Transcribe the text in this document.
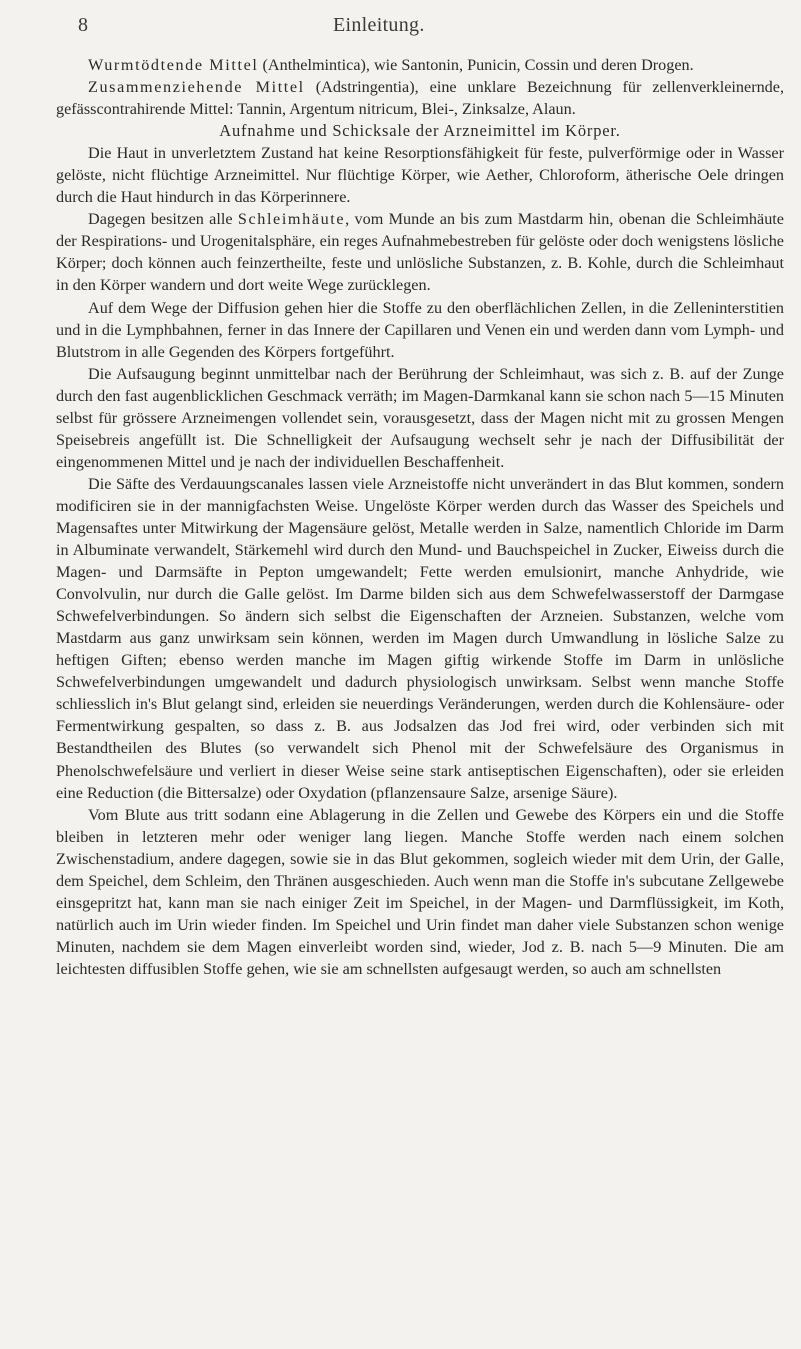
8	Einleitung.

Wurmtödtende Mittel (Anthelmintica), wie Santonin, Punicin, Cossin und deren Drogen.

Zusammenziehende Mittel (Adstringentia), eine unklare Bezeichnung für zellenverkleinernde, gefässcontrahirende Mittel: Tannin, Argentum nitricum, Blei-, Zinksalze, Alaun.

Aufnahme und Schicksale der Arzneimittel im Körper.

Die Haut in unverletztem Zustand hat keine Resorptionsfähigkeit für feste, pulverförmige oder in Wasser gelöste, nicht flüchtige Arzneimittel. Nur flüchtige Körper, wie Aether, Chloroform, ätherische Oele dringen durch die Haut hindurch in das Körperinnere.

Dagegen besitzen alle Schleimhäute, vom Munde an bis zum Mastdarm hin, obenan die Schleimhäute der Respirations- und Urogenitalsphäre, ein reges Aufnahmebestreben für gelöste oder doch wenigstens lösliche Körper; doch können auch feinzertheilte, feste und unlösliche Substanzen, z. B. Kohle, durch die Schleimhaut in den Körper wandern und dort weite Wege zurücklegen.

Auf dem Wege der Diffusion gehen hier die Stoffe zu den oberflächlichen Zellen, in die Zelleninterstitien und in die Lymphbahnen, ferner in das Innere der Capillaren und Venen ein und werden dann vom Lymph- und Blutstrom in alle Gegenden des Körpers fortgeführt.

Die Aufsaugung beginnt unmittelbar nach der Berührung der Schleimhaut, was sich z. B. auf der Zunge durch den fast augenblicklichen Geschmack verräth; im Magen-Darmkanal kann sie schon nach 5—15 Minuten selbst für grössere Arzneimengen vollendet sein, vorausgesetzt, dass der Magen nicht mit zu grossen Mengen Speisebreis angefüllt ist. Die Schnelligkeit der Aufsaugung wechselt sehr je nach der Diffusibilität der eingenommenen Mittel und je nach der individuellen Beschaffenheit.

Die Säfte des Verdauungscanales lassen viele Arzneistoffe nicht unverändert in das Blut kommen, sondern modificiren sie in der mannigfachsten Weise. Ungelöste Körper werden durch das Wasser des Speichels und Magensaftes unter Mitwirkung der Magensäure gelöst, Metalle werden in Salze, namentlich Chloride im Darm in Albuminate verwandelt, Stärkemehl wird durch den Mund- und Bauchspeichel in Zucker, Eiweiss durch die Magen- und Darmsäfte in Pepton umgewandelt; Fette werden emulsionirt, manche Anhydride, wie Convolvulin, nur durch die Galle gelöst. Im Darme bilden sich aus dem Schwefelwasserstoff der Darmgase Schwefelverbindungen. So ändern sich selbst die Eigenschaften der Arzneien. Substanzen, welche vom Mastdarm aus ganz unwirksam sein können, werden im Magen durch Umwandlung in lösliche Salze zu heftigen Giften; ebenso werden manche im Magen giftig wirkende Stoffe im Darm in unlösliche Schwefelverbindungen umgewandelt und dadurch physiologisch unwirksam. Selbst wenn manche Stoffe schliesslich in's Blut gelangt sind, erleiden sie neuerdings Veränderungen, werden durch die Kohlensäure- oder Fermentwirkung gespalten, so dass z. B. aus Jodsalzen das Jod frei wird, oder verbinden sich mit Bestandtheilen des Blutes (so verwandelt sich Phenol mit der Schwefelsäure des Organismus in Phenolschwefelsäure und verliert in dieser Weise seine stark antiseptischen Eigenschaften), oder sie erleiden eine Reduction (die Bittersalze) oder Oxydation (pflanzensaure Salze, arsenige Säure).

Vom Blute aus tritt sodann eine Ablagerung in die Zellen und Gewebe des Körpers ein und die Stoffe bleiben in letzteren mehr oder weniger lang liegen. Manche Stoffe werden nach einem solchen Zwischenstadium, andere dagegen, sowie sie in das Blut gekommen, sogleich wieder mit dem Urin, der Galle, dem Speichel, dem Schleim, den Thränen ausgeschieden. Auch wenn man die Stoffe in's subcutane Zellgewebe einsgepritzt hat, kann man sie nach einiger Zeit im Speichel, in der Magen- und Darmflüssigkeit, im Koth, natürlich auch im Urin wieder finden. Im Speichel und Urin findet man daher viele Substanzen schon wenige Minuten, nachdem sie dem Magen einverleibt worden sind, wieder, Jod z. B. nach 5—9 Minuten. Die am leichtesten diffusiblen Stoffe gehen, wie sie am schnellsten aufgesaugt werden, so auch am schnellsten
